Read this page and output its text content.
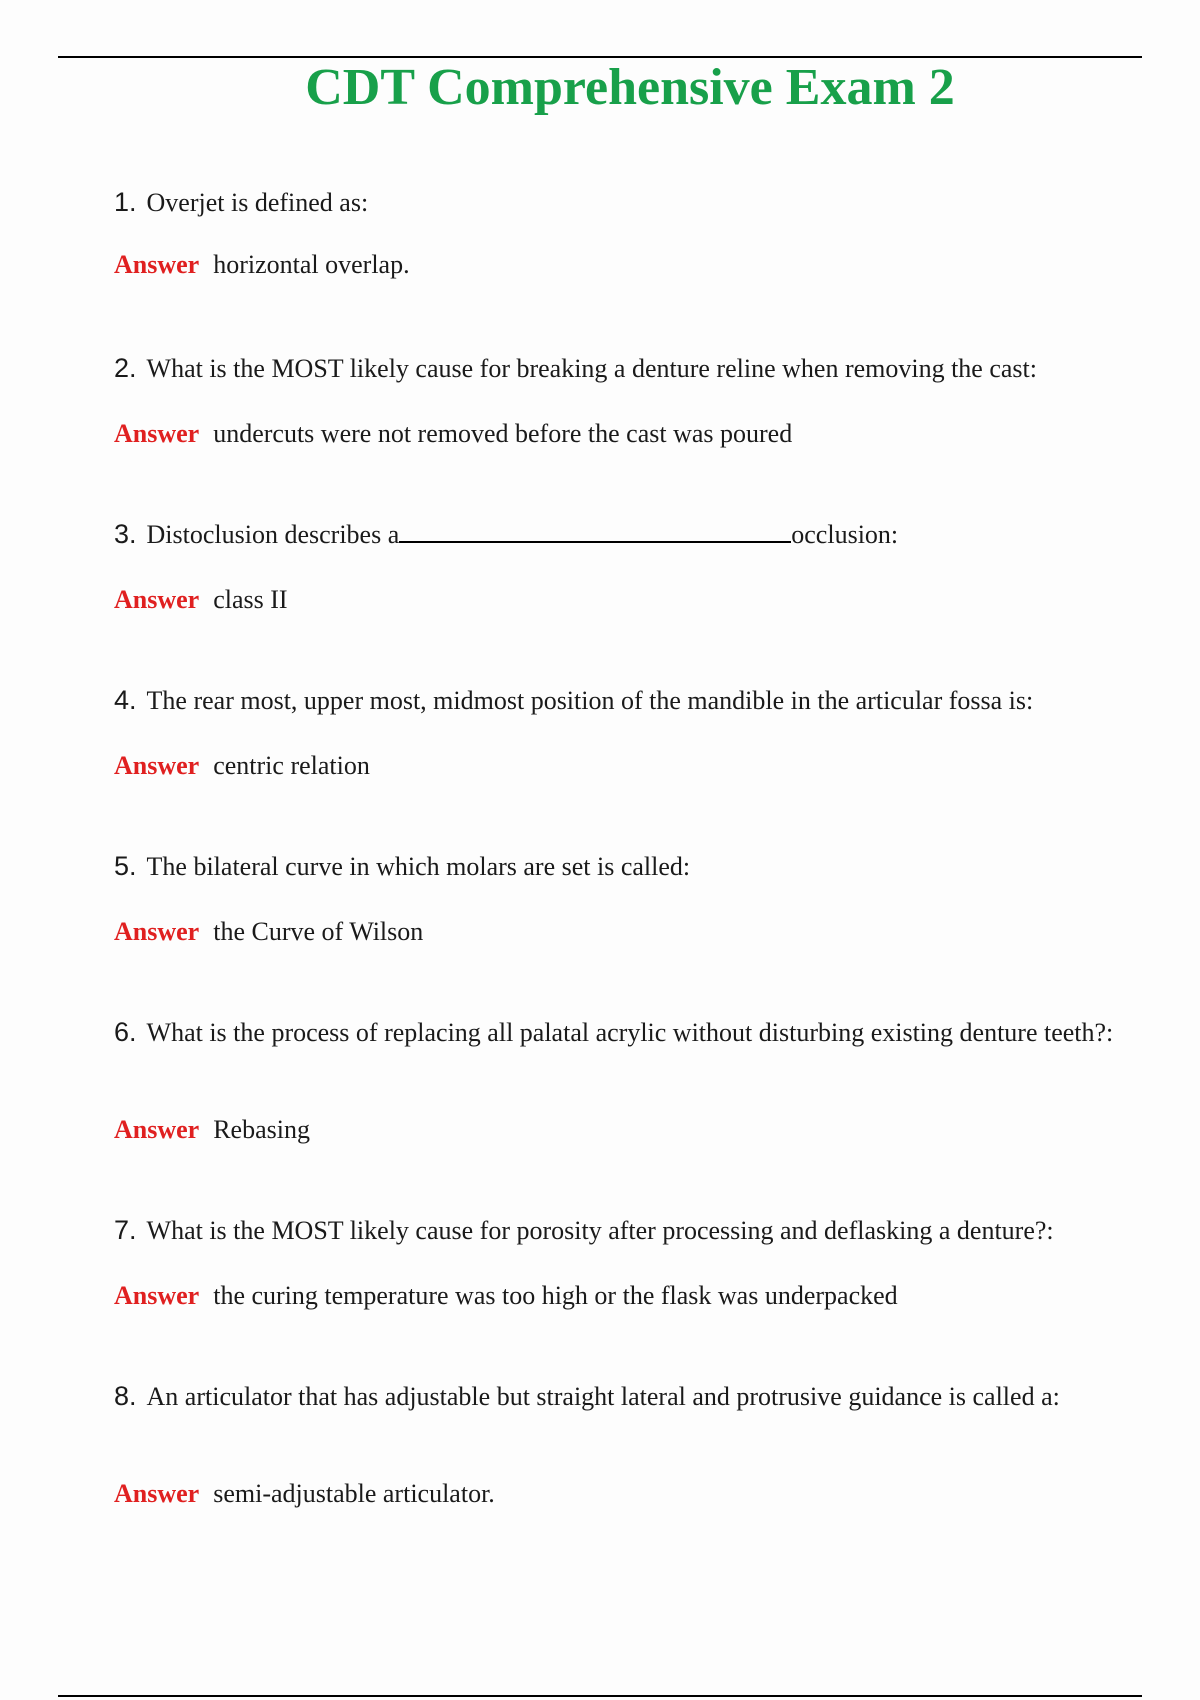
CDT Comprehensive Exam 2

1. Overjet is defined as:

Answer horizontal overlap.

2. What is the MOST likely cause for breaking a denture reline when removing the cast:

Answer undercuts were not removed before the cast was poured

3. Distoclusion describes a	occlusion:

Answer class II

4. The rear most, upper most, midmost position of the mandible in the articular fossa is:

Answer centric relation

5. The bilateral curve in which molars are set is called:

Answer the Curve of Wilson

6. What is the process of replacing all palatal acrylic without disturbing existing denture teeth?:

Answer Rebasing

7. What is the MOST likely cause for porosity after processing and deflasking a denture?:

Answer the curing temperature was too high or the flask was underpacked

8. An articulator that has adjustable but straight lateral and protrusive guidance is called a:

Answer semi-adjustable articulator.
